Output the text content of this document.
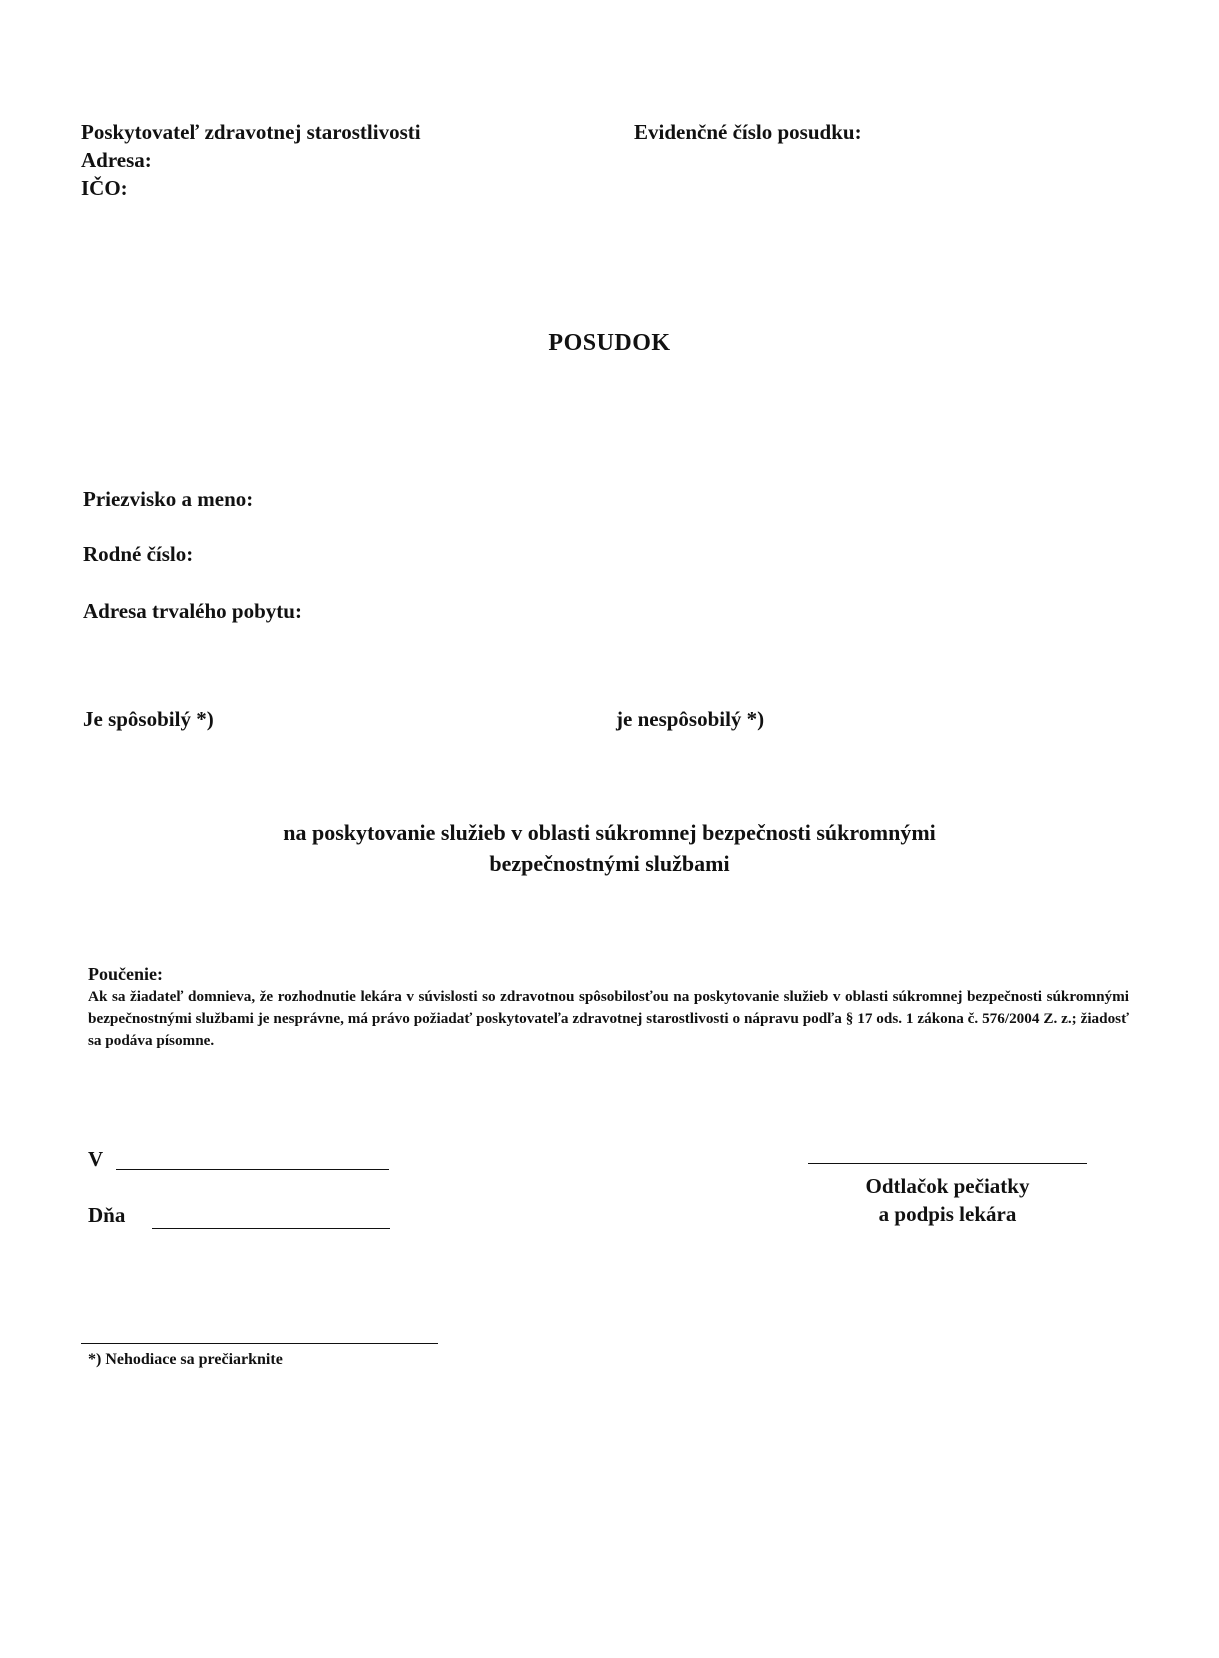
Poskytovateľ zdravotnej starostlivosti
Adresa:
IČO:
Evidenčné číslo posudku:
POSUDOK
Priezvisko a meno:
Rodné číslo:
Adresa trvalého pobytu:
Je spôsobilý *)	je nespôsobilý *)
na poskytovanie služieb v oblasti súkromnej bezpečnosti súkromnými
bezpečnostnými službami
Poučenie:
Ak sa žiadateľ domnieva, že rozhodnutie lekára v súvislosti so zdravotnou spôsobilosťou na poskytovanie služieb v oblasti súkromnej bezpečnosti súkromnými bezpečnostnými službami je nesprávne, má právo požiadať poskytovateľa zdravotnej starostlivosti o nápravu podľa § 17 ods. 1 zákona č. 576/2004 Z. z.; žiadosť sa podáva písomne.
V
Dňa
Odtlačok pečiatky
a podpis lekára
*) Nehodiace sa prečiarknite
